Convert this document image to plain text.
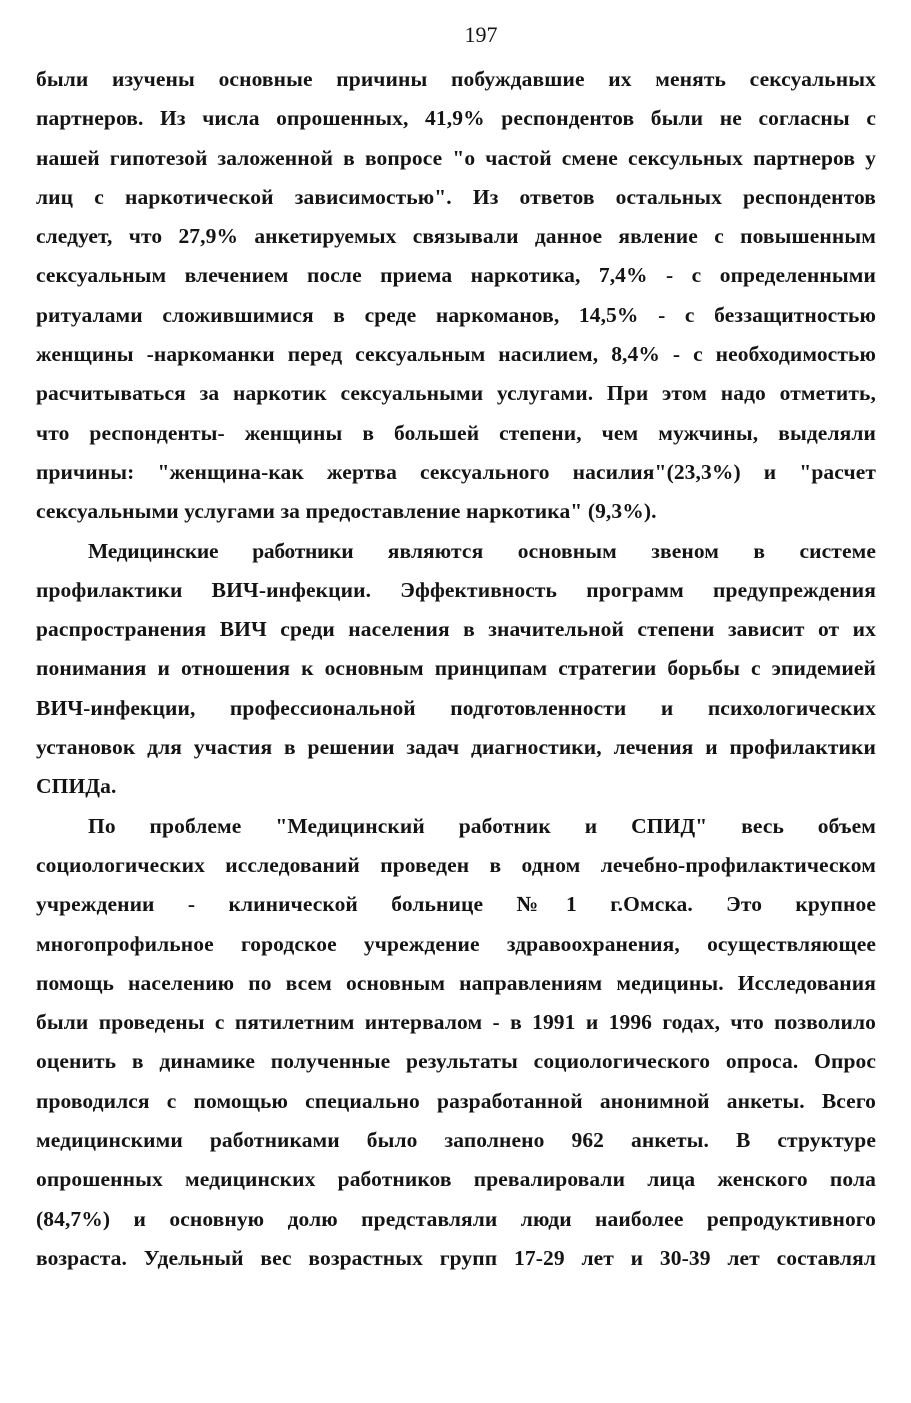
197
были изучены основные причины побуждавшие их менять сексуальных
партнеров. Из числа опрошенных, 41,9% респондентов были не согласны с
нашей гипотезой заложенной в вопросе "о частой смене сексульных партнеров у
лиц с наркотической зависимостью". Из ответов остальных респондентов
следует, что 27,9% анкетируемых связывали данное явление с повышенным
сексуальным влечением после приема наркотика, 7,4% - с определенными
ритуалами сложившимися в среде наркоманов, 14,5% - с беззащитностью
женщины -наркоманки перед сексуальным насилием, 8,4% - с необходимостью
расчитываться за наркотик сексуальными услугами. При этом надо отметить,
что респонденты- женщины в большей степени, чем мужчины, выделяли
причины: "женщина-как жертва сексуального насилия"(23,3%) и "расчет
сексуальными услугами за предоставление наркотика" (9,3%).
Медицинские работники являются основным звеном в системе
профилактики ВИЧ-инфекции. Эффективность программ предупреждения
распространения ВИЧ среди населения в значительной степени зависит от их
понимания и отношения к основным принципам стратегии борьбы с эпидемией
ВИЧ-инфекции, профессиональной подготовленности и психологических
установок для участия в решении задач диагностики, лечения и профилактики
СПИДа.
По проблеме "Медицинский работник и СПИД" весь объем
социологических исследований проведен в одном лечебно-профилактическом
учреждении - клинической больнице №1 г.Омска. Это крупное
многопрофильное городское учреждение здравоохранения, осуществляющее
помощь населению по всем основным направлениям медицины. Исследования
были проведены с пятилетним интервалом - в 1991 и 1996 годах, что позволило
оценить в динамике полученные результаты социологического опроса. Опрос
проводился с помощью специально разработанной анонимной анкеты. Всего
медицинскими работниками было заполнено 962 анкеты. В структуре
опрошенных медицинских работников превалировали лица женского пола
(84,7%) и основную долю представляли люди наиболее репродуктивного
возраста. Удельный вес возрастных групп 17-29 лет и 30-39 лет составлял
